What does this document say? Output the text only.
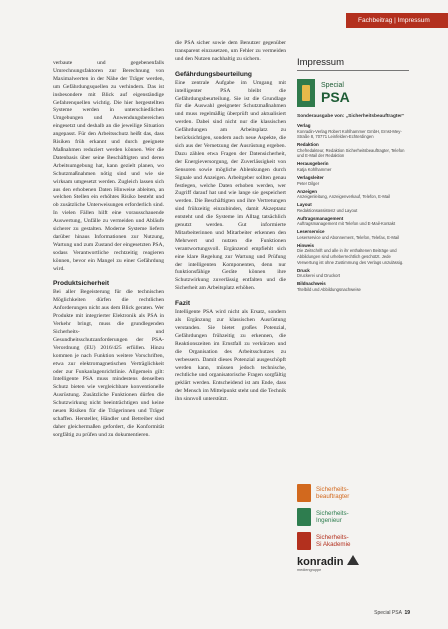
Fachbeitrag | Impressum

verbaute und gegebenenfalls Umrechnungsfaktoren zur Berechnung von Maximalwerten in der Nähe der Träger werden, um Gefährdungsquellen zu verhindern. Das ist insbesondere mit Blick auf eigenständige Gefahrenquellen wichtig. Die hier hergestellten Systeme werden in unterschiedlichen Umgebungen und Anwendungsbereichen eingesetzt und deshalb an die jeweilige Situation angepasst. Für den Arbeitsschutz heißt das, dass Risiken früh erkannt und durch geeignete Maßnahmen reduziert werden können. Wer die Datenbasis über seine Beschäftigten und deren Arbeitsumgebung hat, kann gezielt planen, wo Schutzmaßnahmen nötig sind und wie sie wirksam umgesetzt werden. Zugleich lassen sich aus den erhobenen Daten Hinweise ableiten, an welchen Stellen ein erhöhtes Risiko besteht und ob zusätzliche Unterweisungen erforderlich sind. In vielen Fällen hilft eine vorausschauende Auswertung, Unfälle zu vermeiden und Abläufe sicherer zu gestalten. Moderne Systeme liefern darüber hinaus Informationen zur Nutzung, Wartung und zum Zustand der eingesetzten PSA, sodass Verantwortliche rechtzeitig reagieren können, bevor ein Mangel zu einer Gefährdung wird.

Produktsicherheit

Bei aller Begeisterung für die technischen Möglichkeiten dürfen die rechtlichen Anforderungen nicht aus dem Blick geraten. Wer Produkte mit integrierter Elektronik als PSA in Verkehr bringt, muss die grundlegenden Sicherheits- und Gesundheitsschutzanforderungen der PSA-Verordnung (EU) 2016/425 erfüllen. Hinzu kommen je nach Funktion weitere Vorschriften, etwa zur elektromagnetischen Verträglichkeit oder zur Funkanlagenrichtlinie. Allgemein gilt: Intelligente PSA muss mindestens denselben Schutz bieten wie vergleichbare konventionelle Ausrüstung. Zusätzliche Funktionen dürfen die Schutzwirkung nicht beeinträchtigen und keine neuen Risiken für die Trägerinnen und Träger schaffen. Hersteller, Händler und Betreiber sind daher gleichermaßen gefordert, die Konformität sorgfältig zu prüfen und zu dokumentieren.

die PSA sicher sowie dem Benutzer gegenüber transparent einzusetzen, um Fehler zu vermeiden und den Nutzen nachhaltig zu sichern.

Gefährdungsbeurteilung

Eine zentrale Aufgabe im Umgang mit intelligenter PSA bleibt die Gefährdungsbeurteilung. Sie ist die Grundlage für die Auswahl geeigneter Schutzmaßnahmen und muss regelmäßig überprüft und aktualisiert werden. Dabei sind nicht nur die klassischen Gefährdungen am Arbeitsplatz zu berücksichtigen, sondern auch neue Aspekte, die sich aus der Vernetzung der Ausrüstung ergeben. Dazu zählen etwa Fragen der Datensicherheit, der Energieversorgung, der Zuverlässigkeit von Sensoren sowie mögliche Ablenkungen durch Signale und Anzeigen. Arbeitgeber sollten genau festlegen, welche Daten erhoben werden, wer Zugriff darauf hat und wie lange sie gespeichert werden. Die Beschäftigten und ihre Vertretungen sind frühzeitig einzubinden, damit Akzeptanz entsteht und die Systeme im Alltag tatsächlich genutzt werden. Gut informierte Mitarbeiterinnen und Mitarbeiter erkennen den Mehrwert und nutzen die Funktionen verantwortungsvoll. Ergänzend empfiehlt sich eine klare Regelung zur Wartung und Prüfung der intelligenten Komponenten, denn nur funktionsfähige Geräte können ihre Schutzwirkung zuverlässig entfalten und die Sicherheit am Arbeitsplatz erhöhen.

Fazit

Intelligente PSA wird nicht als Ersatz, sondern als Ergänzung zur klassischen Ausrüstung verstanden. Sie bietet großes Potenzial, Gefährdungen frühzeitig zu erkennen, die Reaktionszeiten im Ernstfall zu verkürzen und die Organisation des Arbeitsschutzes zu verbessern. Damit dieses Potenzial ausgeschöpft werden kann, müssen jedoch technische, rechtliche und organisatorische Fragen sorgfältig geklärt werden. Entscheidend ist am Ende, dass der Mensch im Mittelpunkt steht und die Technik ihn sinnvoll unterstützt.

Impressum
Special
PSA
Sonderausgabe von: „Sicherheitsbeauftragter“
Verlag
Konradin-Verlag Robert Kohlhammer GmbH, Ernst-Mey-Straße 8, 70771 Leinfelden-Echterdingen
Redaktion
Chefredakteur, Redaktion Sicherheitsbeauftragter, Telefon und E-Mail der Redaktion
Herausgeberin
Katja Kohlhammer
Verlagsleiter
Peter Dilger
Anzeigen
Anzeigenleitung, Anzeigenverkauf, Telefon, E-Mail
Layout
Redaktionsassistenz und Layout
Auftragsmanagement
Auftragsmanagement mit Telefon und E-Mail-Kontakt
Leserservice
Leserservice und Abonnement, Telefon, Telefax, E-Mail
Hinweis
Die Zeitschrift und alle in ihr enthaltenen Beiträge und Abbildungen sind urheberrechtlich geschützt. Jede Verwertung ist ohne Zustimmung des Verlags unzulässig.
Druck
Druckerei und Druckort
Bildnachweis
Titelbild und Abbildungsnachweise
Sicherheits-
beauftragter
Sicherheits-
Ingenieur
Sicherheits-
Si Akademie
konradin
mediengruppe
Special PSA 19
